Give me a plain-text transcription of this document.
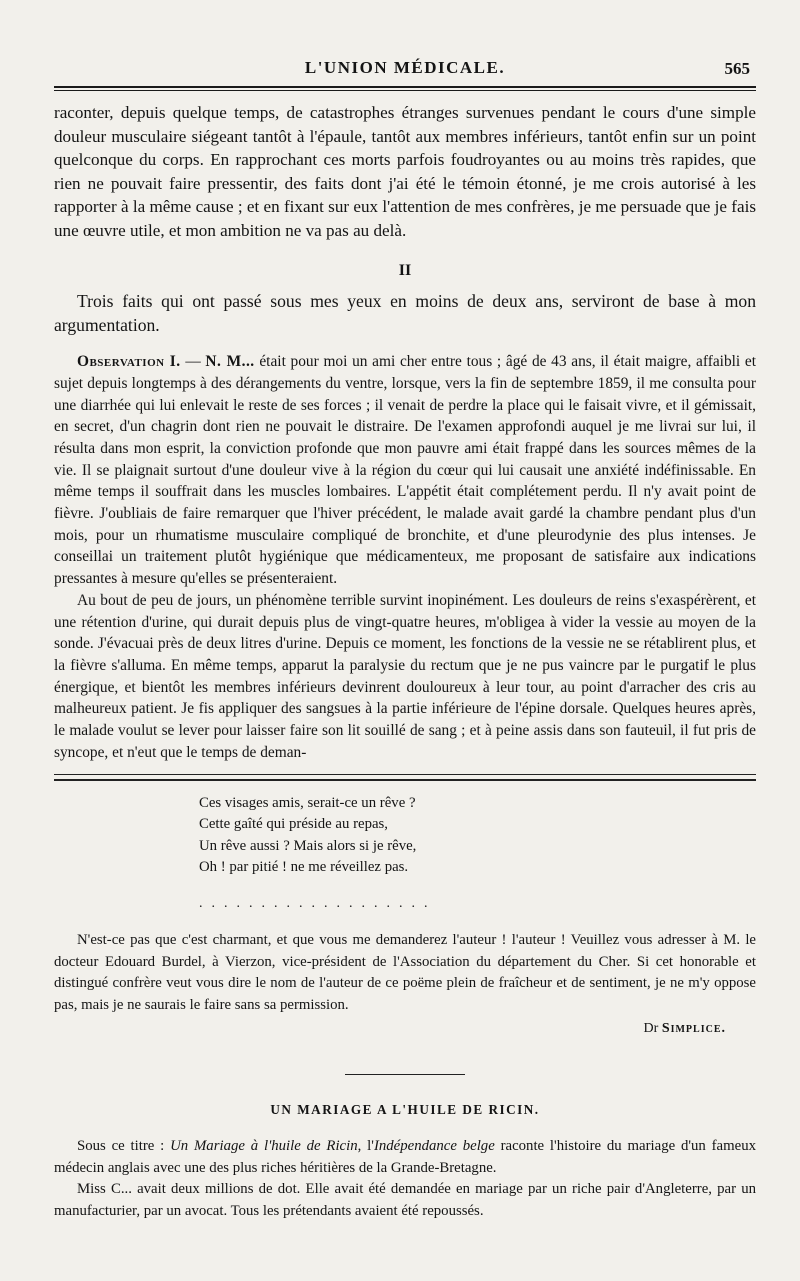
L'UNION MÉDICALE.	565

raconter, depuis quelque temps, de catastrophes étranges survenues pendant le cours d'une simple douleur musculaire siégeant tantôt à l'épaule, tantôt aux membres inférieurs, tantôt enfin sur un point quelconque du corps. En rapprochant ces morts parfois foudroyantes ou au moins très rapides, que rien ne pouvait faire pressentir, des faits dont j'ai été le témoin étonné, je me crois autorisé à les rapporter à la même cause ; et en fixant sur eux l'attention de mes confrères, je me persuade que je fais une œuvre utile, et mon ambition ne va pas au delà.

II

Trois faits qui ont passé sous mes yeux en moins de deux ans, serviront de base à mon argumentation.

Observation I. — N. M... était pour moi un ami cher entre tous ; âgé de 43 ans, il était maigre, affaibli et sujet depuis longtemps à des dérangements du ventre, lorsque, vers la fin de septembre 1859, il me consulta pour une diarrhée qui lui enlevait le reste de ses forces ; il venait de perdre la place qui le faisait vivre, et il gémissait, en secret, d'un chagrin dont rien ne pouvait le distraire. De l'examen approfondi auquel je me livrai sur lui, il résulta dans mon esprit, la conviction profonde que mon pauvre ami était frappé dans les sources mêmes de la vie. Il se plaignait surtout d'une douleur vive à la région du cœur qui lui causait une anxiété indéfinissable. En même temps il souffrait dans les muscles lombaires. L'appétit était complétement perdu. Il n'y avait point de fièvre. J'oubliais de faire remarquer que l'hiver précédent, le malade avait gardé la chambre pendant plus d'un mois, pour un rhumatisme musculaire compliqué de bronchite, et d'une pleurodynie des plus intenses. Je conseillai un traitement plutôt hygiénique que médicamenteux, me proposant de satisfaire aux indications pressantes à mesure qu'elles se présenteraient.

Au bout de peu de jours, un phénomène terrible survint inopinément. Les douleurs de reins s'exaspérèrent, et une rétention d'urine, qui durait depuis plus de vingt-quatre heures, m'obligea à vider la vessie au moyen de la sonde. J'évacuai près de deux litres d'urine. Depuis ce moment, les fonctions de la vessie ne se rétablirent plus, et la fièvre s'alluma. En même temps, apparut la paralysie du rectum que je ne pus vaincre par le purgatif le plus énergique, et bientôt les membres inférieurs devinrent douloureux à leur tour, au point d'arracher des cris au malheureux patient. Je fis appliquer des sangsues à la partie inférieure de l'épine dorsale. Quelques heures après, le malade voulut se lever pour laisser faire son lit souillé de sang ; et à peine assis dans son fauteuil, il fut pris de syncope, et n'eut que le temps de deman-

Ces visages amis, serait-ce un rêve ?

Cette gaîté qui préside au repas,

Un rêve aussi ? Mais alors si je rêve,

Oh ! par pitié ! ne me réveillez pas.

...................

N'est-ce pas que c'est charmant, et que vous me demanderez l'auteur ! l'auteur ! Veuillez vous adresser à M. le docteur Edouard Burdel, à Vierzon, vice-président de l'Association du département du Cher. Si cet honorable et distingué confrère veut vous dire le nom de l'auteur de ce poëme plein de fraîcheur et de sentiment, je ne m'y oppose pas, mais je ne saurais le faire sans sa permission.

Dr Simplice.
UN MARIAGE A L'HUILE DE RICIN.

Sous ce titre : Un Mariage à l'huile de Ricin, l'Indépendance belge raconte l'histoire du mariage d'un fameux médecin anglais avec une des plus riches héritières de la Grande-Bretagne.

Miss C... avait deux millions de dot. Elle avait été demandée en mariage par un riche pair d'Angleterre, par un manufacturier, par un avocat. Tous les prétendants avaient été repoussés.
